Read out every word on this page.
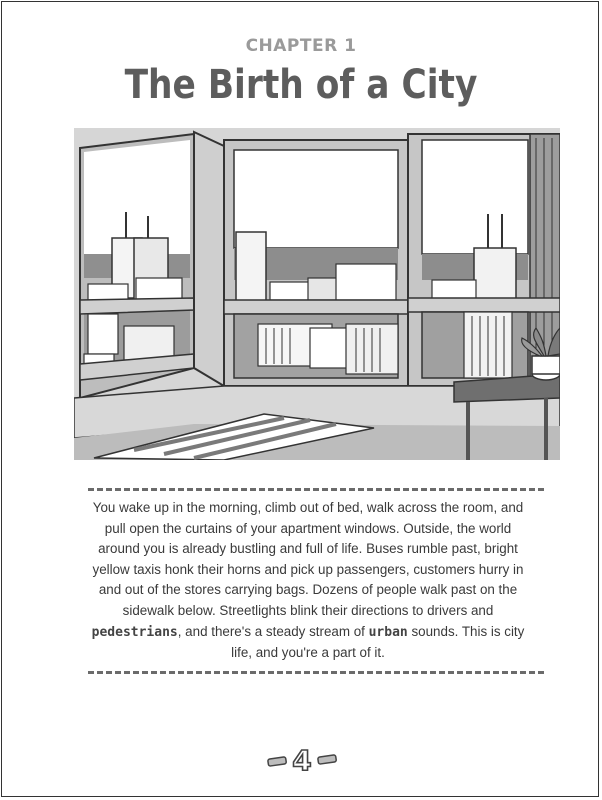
CHAPTER 1
The Birth of a City
You wake up in the morning, climb out of bed, walk across the room, and pull open the curtains of your apartment windows. Outside, the world around you is already bustling and full of life. Buses rumble past, bright yellow taxis honk their horns and pick up passengers, customers hurry in and out of the stores carrying bags. Dozens of people walk past on the sidewalk below. Streetlights blink their directions to drivers and pedestrians, and there's a steady stream of urban sounds. This is city life, and you're a part of it.
4
